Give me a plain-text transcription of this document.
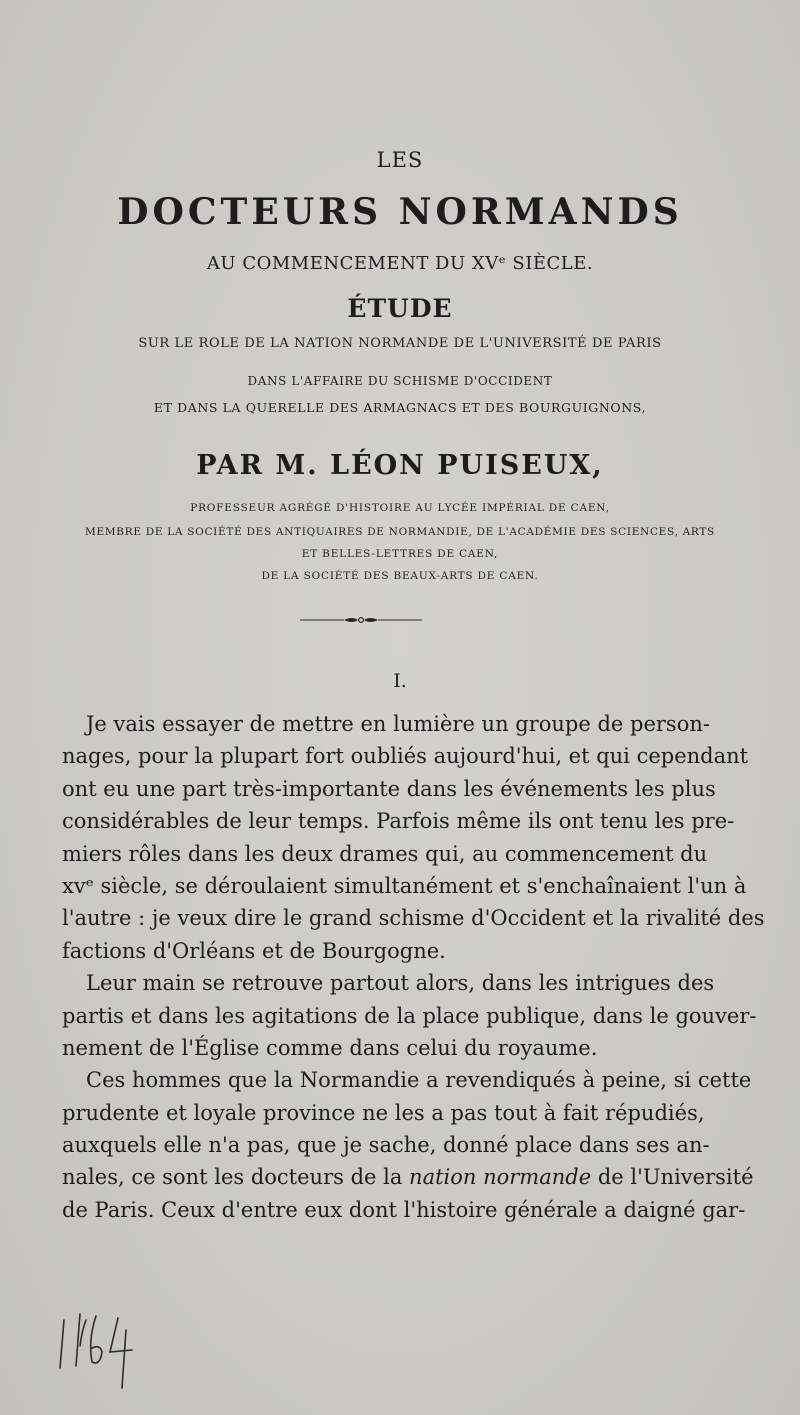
LES
DOCTEURS NORMANDS
AU COMMENCEMENT DU XVᵉ SIÈCLE.
ÉTUDE
SUR LE ROLE DE LA NATION NORMANDE DE L'UNIVERSITÉ DE PARIS
DANS L'AFFAIRE DU SCHISME D'OCCIDENT
ET DANS LA QUERELLE DES ARMAGNACS ET DES BOURGUIGNONS,
PAR M. LÉON PUISEUX,
PROFESSEUR AGRÉGÉ D'HISTOIRE AU LYCÉE IMPÉRIAL DE CAEN,
MEMBRE DE LA SOCIÉTÉ DES ANTIQUAIRES DE NORMANDIE, DE L'ACADÉMIE DES SCIENCES, ARTS
ET BELLES-LETTRES DE CAEN,
DE LA SOCIÉTÉ DES BEAUX-ARTS DE CAEN.
I.
Je vais essayer de mettre en lumière un groupe de person-
nages, pour la plupart fort oubliés aujourd'hui, et qui cependant
ont eu une part très-importante dans les événements les plus
considérables de leur temps. Parfois même ils ont tenu les pre-
miers rôles dans les deux drames qui, au commencement du
xvᵉ siècle, se déroulaient simultanément et s'enchaînaient l'un à
l'autre : je veux dire le grand schisme d'Occident et la rivalité des
factions d'Orléans et de Bourgogne.
Leur main se retrouve partout alors, dans les intrigues des
partis et dans les agitations de la place publique, dans le gouver-
nement de l'Église comme dans celui du royaume.
Ces hommes que la Normandie a revendiqués à peine, si cette
prudente et loyale province ne les a pas tout à fait répudiés,
auxquels elle n'a pas, que je sache, donné place dans ses an-
nales, ce sont les docteurs de la nation normande de l'Université
de Paris. Ceux d'entre eux dont l'histoire générale a daigné gar-
